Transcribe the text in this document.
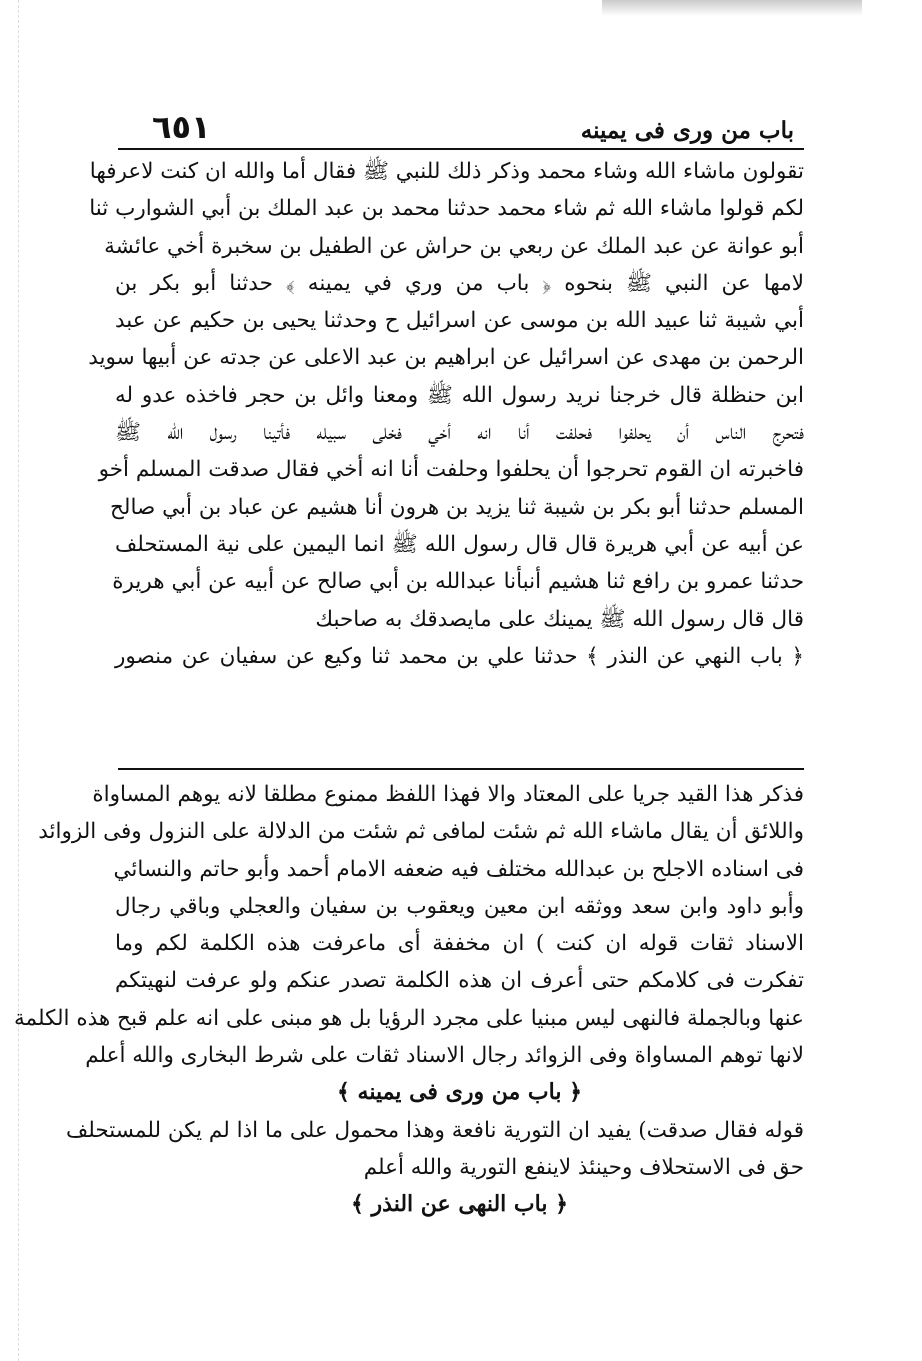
باب من ورى فى يمينه
٦٥١
تقولون ماشاء الله وشاء محمد وذكر ذلك للنبي ﷺ فقال أما والله ان كنت لاعرفها
لكم قولوا ماشاء الله ثم شاء محمد حدثنا محمد بن عبد الملك بن أبي الشوارب ثنا
أبو عوانة عن عبد الملك عن ربعي بن حراش عن الطفيل بن سخبرة أخي عائشة
لامها عن النبي ﷺ بنحوه ﴿ باب من وري في يمينه ﴾ حدثنا أبو بكر بن
أبي شيبة ثنا عبيد الله بن موسى عن اسرائيل ح وحدثنا يحيى بن حكيم عن عبد
الرحمن بن مهدى عن اسرائيل عن ابراهيم بن عبد الاعلى عن جدته عن أبيها سويد
ابن حنظلة قال خرجنا نريد رسول الله ﷺ ومعنا وائل بن حجر فاخذه عدو له
فتحرج الناس أن يحلفوا فحلفت أنا انه أخي فخلى سبيله فأتينا رسول الله ﷺ
فاخبرته ان القوم تحرجوا أن يحلفوا وحلفت أنا انه أخي فقال صدقت المسلم أخو
المسلم حدثنا أبو بكر بن شيبة ثنا يزيد بن هرون أنا هشيم عن عباد بن أبي صالح
عن أبيه عن أبي هريرة قال قال رسول الله ﷺ انما اليمين على نية المستحلف
حدثنا عمرو بن رافع ثنا هشيم أنبأنا عبدالله بن أبي صالح عن أبيه عن أبي هريرة
قال قال رسول الله ﷺ يمينك على مايصدقك به صاحبك
﴿ باب النهي عن النذر ﴾ حدثنا علي بن محمد ثنا وكيع عن سفيان عن منصور
فذكر هذا القيد جريا على المعتاد والا فهذا اللفظ ممنوع مطلقا لانه يوهم المساواة
واللائق أن يقال ماشاء الله ثم شئت لمافى ثم شئت من الدلالة على النزول وفى الزوائد
فى اسناده الاجلح بن عبدالله مختلف فيه ضعفه الامام أحمد وأبو حاتم والنسائي
وأبو داود وابن سعد ووثقه ابن معين ويعقوب بن سفيان والعجلي وباقي رجال
الاسناد ثقات قوله ان كنت ) ان مخففة أى ماعرفت هذه الكلمة لكم وما
تفكرت فى كلامكم حتى أعرف ان هذه الكلمة تصدر عنكم ولو عرفت لنهيتكم
عنها وبالجملة فالنهى ليس مبنيا على مجرد الرؤيا بل هو مبنى على انه علم قبح هذه الكلمة
لانها توهم المساواة وفى الزوائد رجال الاسناد ثقات على شرط البخارى والله أعلم
﴿ باب من ورى فى يمينه ﴾
قوله فقال صدقت) يفيد ان التورية نافعة وهذا محمول على ما اذا لم يكن للمستحلف
حق فى الاستحلاف وحينئذ لاينفع التورية والله أعلم
﴿ باب النهى عن النذر ﴾
